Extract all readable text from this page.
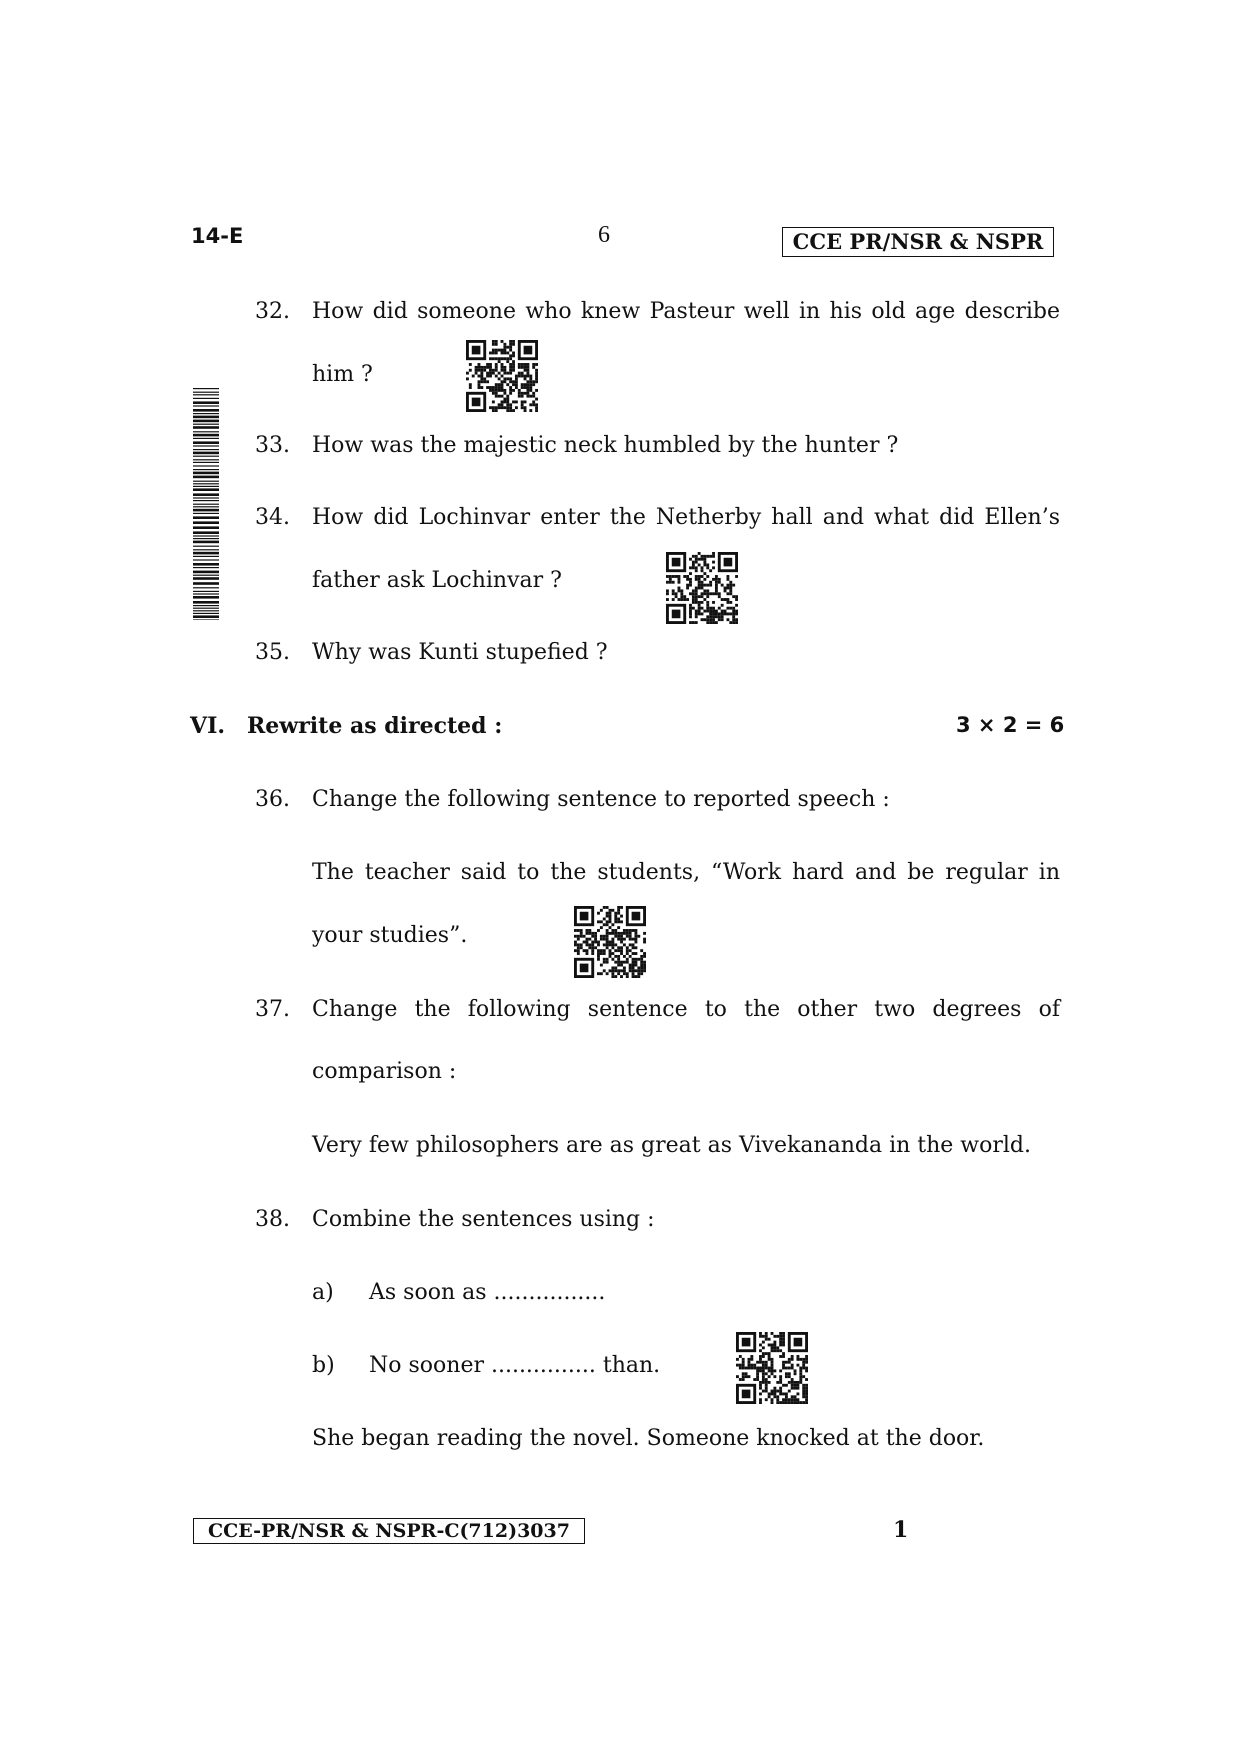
14-E	6	CCE PR/NSR & NSPR
32. How did someone who knew Pasteur well in his old age describe
him ?
33. How was the majestic neck humbled by the hunter ?
34. How did Lochinvar enter the Netherby hall and what did Ellen’s
father ask Lochinvar ?
35. Why was Kunti stupefied ?
VI. Rewrite as directed :	3 × 2 = 6
36. Change the following sentence to reported speech :
The teacher said to the students, “Work hard and be regular in
your studies”.
37. Change the following sentence to the other two degrees of
comparison :
Very few philosophers are as great as Vivekananda in the world.
38. Combine the sentences using :
a) As soon as ................
b) No sooner ............... than.
She began reading the novel. Someone knocked at the door.
CCE-PR/NSR & NSPR-C(712)3037	1
